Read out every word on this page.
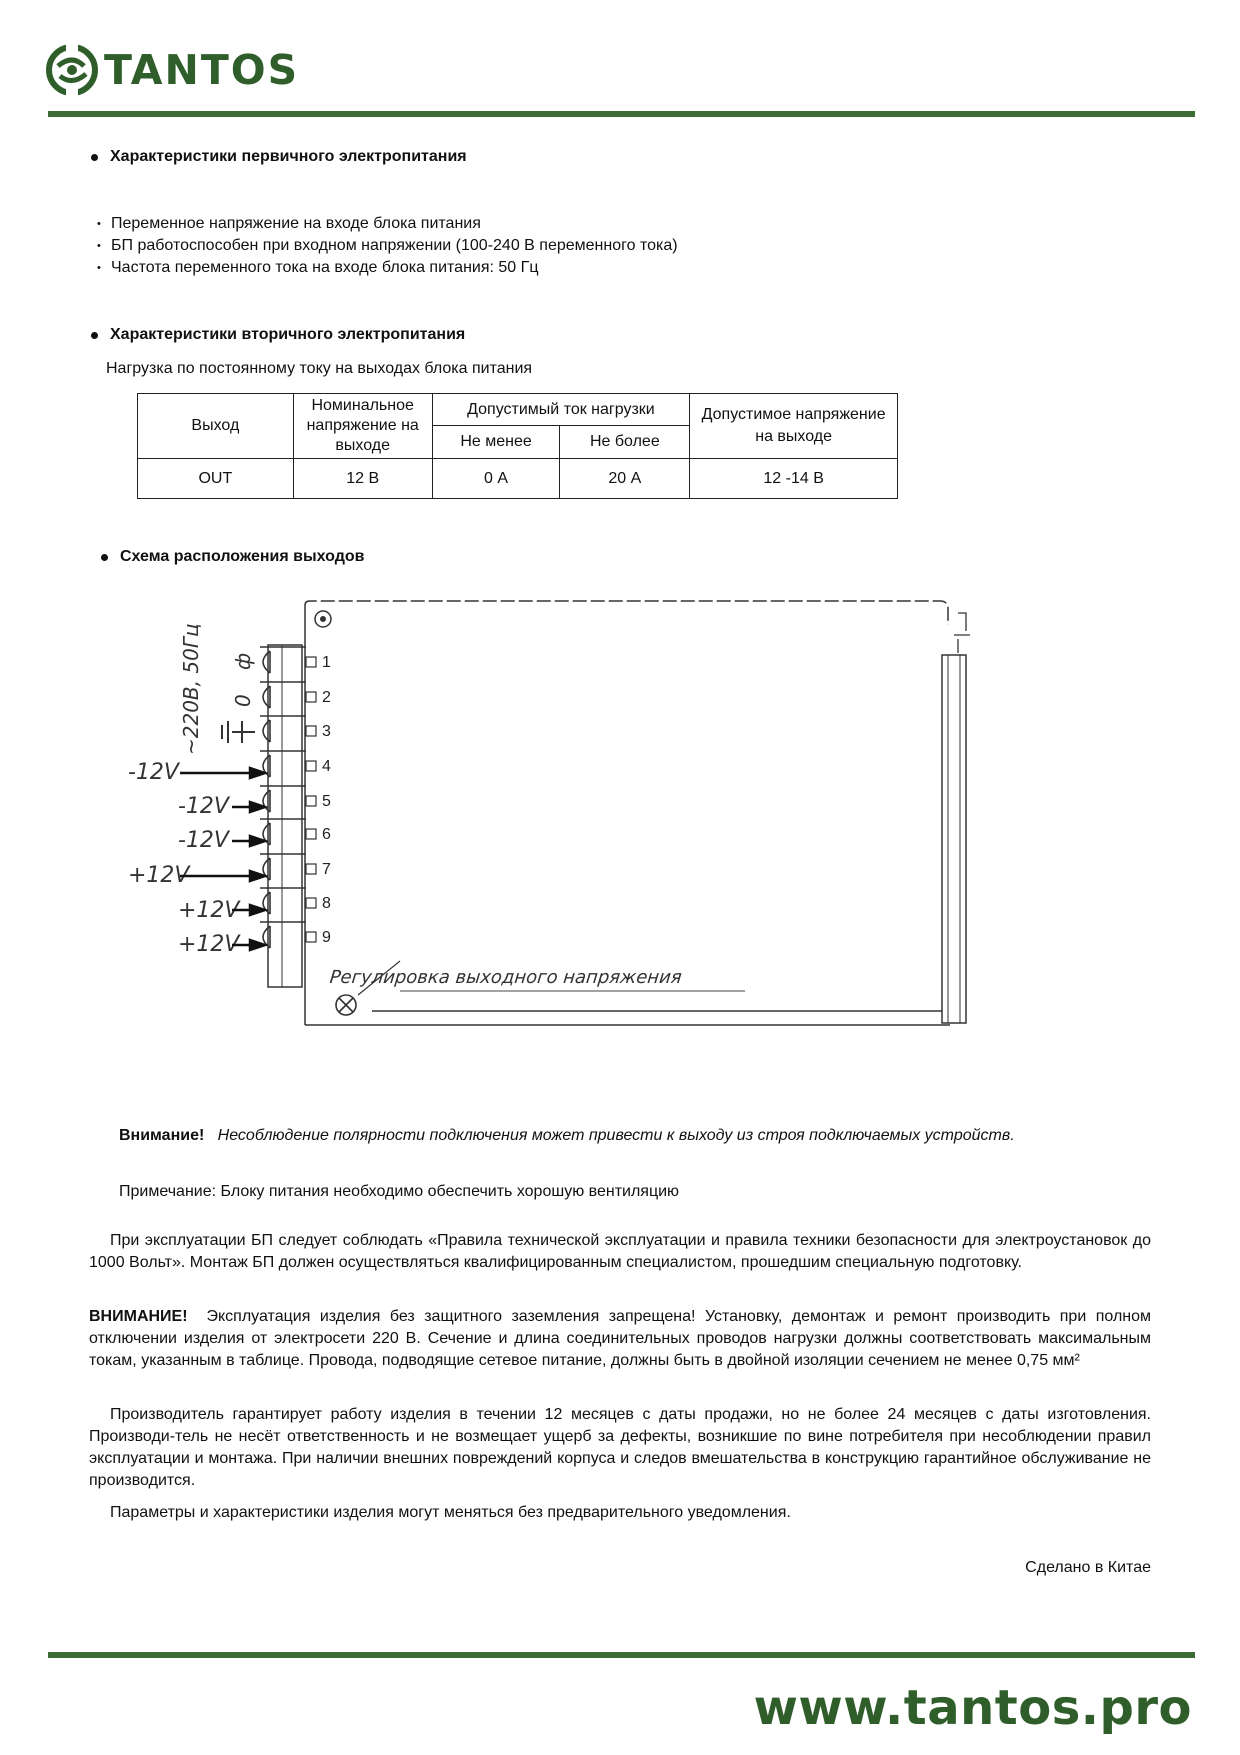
TANTOS
Характеристики первичного электропитания
• Переменное напряжение на входе блока питания
• БП работоспособен при входном напряжении (100-240 В переменного тока)
• Частота переменного тока на входе блока питания: 50 Гц
Характеристики вторичного электропитания
Нагрузка по постоянному току на выходах блока питания
Выход	Номинальное напряжение на выходе	Допустимый ток нагрузки		Допустимое напряжение на выходе
		Не менее	Не более	
OUT	12 В	0 А	20 А	12 -14 В
Схема расположения выходов
1
2
3
4
5
6
7
8
9
~220В, 50Гц 0
ф
-12V
-12V
-12V
+12V
+12V
+12V
Регулировка выходного напряжения
Внимание! Несоблюдение полярности подключения может привести к выходу из строя подключаемых устройств.
Примечание: Блоку питания необходимо обеспечить хорошую вентиляцию
При эксплуатации БП следует соблюдать «Правила технической эксплуатации и правила техники безопасности для электроустановок до 1000 Вольт». Монтаж БП должен осуществляться квалифицированным специалистом, прошедшим специальную подготовку.
ВНИМАНИЕ! Эксплуатация изделия без защитного заземления запрещена! Установку, демонтаж и ремонт производить при полном отключении изделия от электросети 220 В. Сечение и длина соединительных проводов нагрузки должны соответствовать максимальным токам, указанным в таблице. Провода, подводящие сетевое питание, должны быть в двойной изоляции сечением не менее 0,75 мм²
Производитель гарантирует работу изделия в течении 12 месяцев с даты продажи, но не более 24 месяцев с даты изготовления. Производи-тель не несёт ответственность и не возмещает ущерб за дефекты, возникшие по вине потребителя при несоблюдении правил эксплуатации и монтажа. При наличии внешних повреждений корпуса и следов вмешательства в конструкцию гарантийное обслуживание не производится.
Параметры и характеристики изделия могут меняться без предварительного уведомления.
Сделано в Китае
www.tantos.pro
